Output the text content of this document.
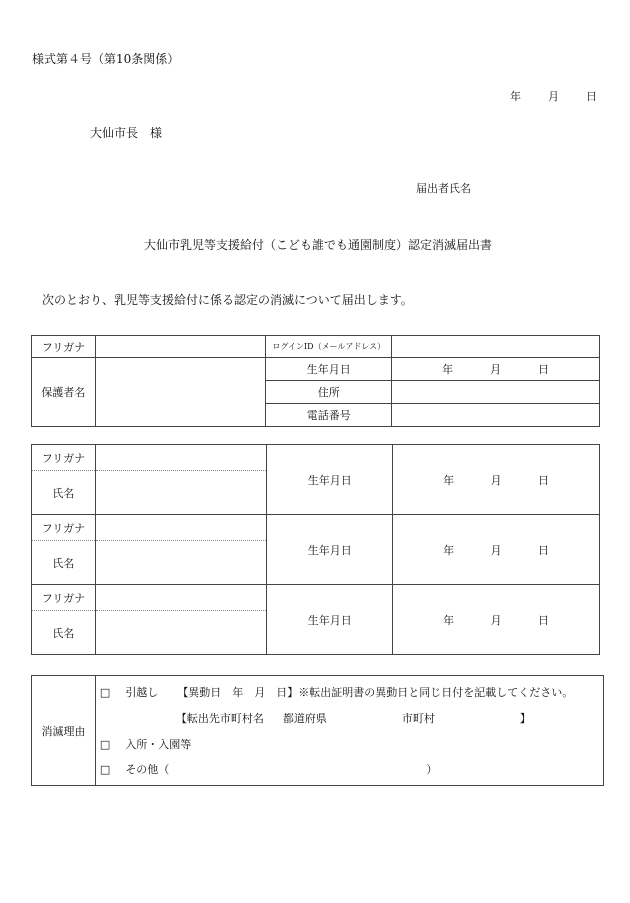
様式第４号（第10条関係）
年 月 日
大仙市長　様
届出者氏名
大仙市乳児等支援給付（こども誰でも通園制度）認定消滅届出書
次のとおり、乳児等支援給付に係る認定の消滅について届出します。
フリガナ		ログインID（メールアドレス）	
保護者名		生年月日	年 月 日

		住所	
		電話番号	
フリガナ		生年月日	年 月 日

氏名			
フリガナ		生年月日	年 月 日

氏名			
フリガナ		生年月日	年 月 日

氏名			
消滅理由	
□ 引越し 【異動日　年　月　日】※転出証明書の異動日と同じ日付を記載してください。
【転出先市町村名 都道府県	市町村	】
□ 入所・入園等
□ その他（	）
